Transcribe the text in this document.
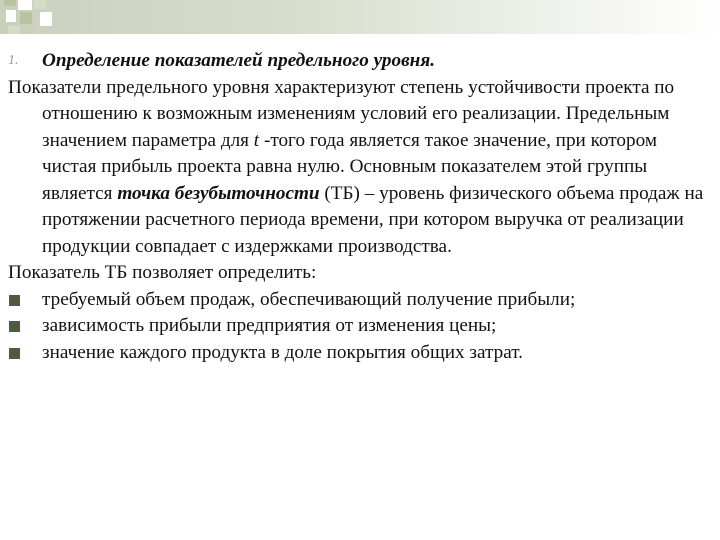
1. Определение показателей предельного уровня.
Показатели предельного уровня характеризуют степень устойчивости проекта по отношению к возможным изменениям условий его реализации. Предельным значением параметра для t -того года является такое значение, при котором чистая прибыль проекта равна нулю. Основным показателем этой группы является точка безубыточности (ТБ) – уровень физического объема продаж на протяжении расчетного периода времени, при котором выручка от реализации продукции совпадает с издержками производства.
Показатель ТБ позволяет определить:
требуемый объем продаж, обеспечивающий получение прибыли;
зависимость прибыли предприятия от изменения цены;
значение каждого продукта в доле покрытия общих затрат.
